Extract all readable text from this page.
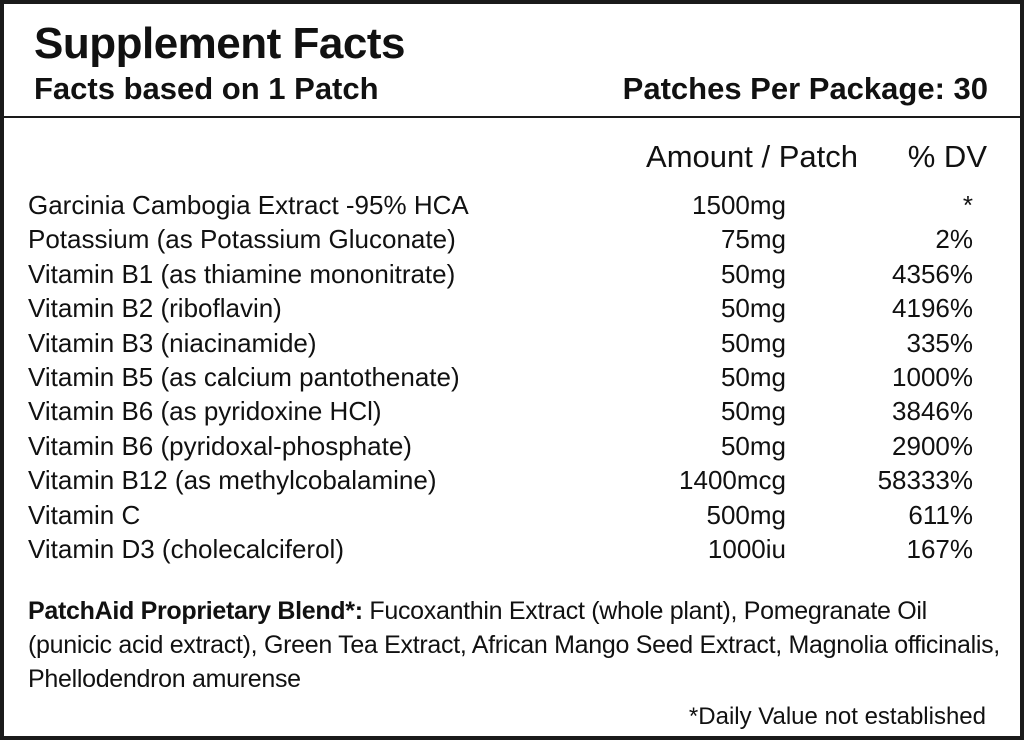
Supplement Facts
Facts based on 1 Patch	Patches Per Package: 30
Amount / Patch % DV
Garcinia Cambogia Extract -95% HCA	1500mg	*
Potassium (as Potassium Gluconate)	75mg	2%
Vitamin B1 (as thiamine mononitrate)	50mg	4356%
Vitamin B2 (riboflavin)	50mg	4196%
Vitamin B3 (niacinamide)	50mg	335%
Vitamin B5 (as calcium pantothenate)	50mg	1000%
Vitamin B6 (as pyridoxine HCl)	50mg	3846%
Vitamin B6 (pyridoxal-phosphate)	50mg	2900%
Vitamin B12 (as methylcobalamine)	1400mcg	58333%
Vitamin C	500mg	611%
Vitamin D3 (cholecalciferol)	1000iu	167%
PatchAid Proprietary Blend*: Fucoxanthin Extract (whole plant), Pomegranate Oil (punicic acid extract), Green Tea Extract, African Mango Seed Extract, Magnolia officinalis, Phellodendron amurense
*Daily Value not established
